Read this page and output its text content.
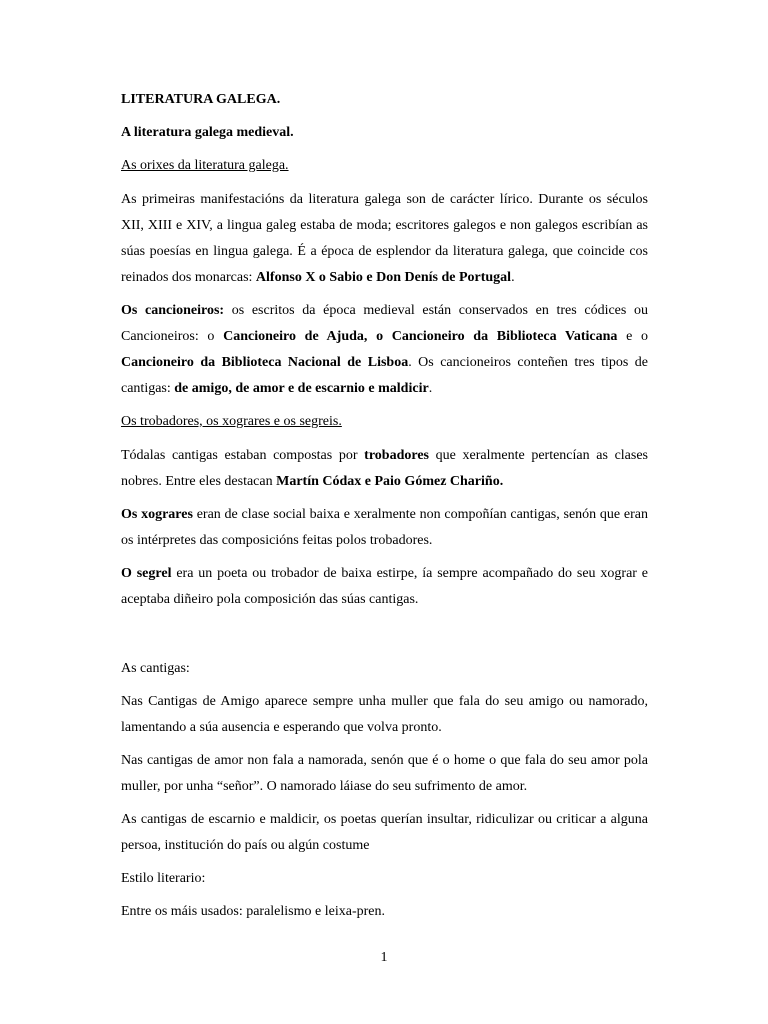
LITERATURA GALEGA.

A literatura galega medieval.

As orixes da literatura galega.

As primeiras manifestacións da literatura galega son de carácter lírico. Durante os séculos XII, XIII e XIV, a lingua galeg estaba de moda; escritores galegos e non galegos escribían as súas poesías en lingua galega. É a época de esplendor da literatura galega, que coincide cos reinados dos monarcas: Alfonso X o Sabio e Don Denís de Portugal.

Os cancioneiros: os escritos da época medieval están conservados en tres códices ou Cancioneiros: o Cancioneiro de Ajuda, o Cancioneiro da Biblioteca Vaticana e o Cancioneiro da Biblioteca Nacional de Lisboa. Os cancioneiros conteñen tres tipos de cantigas: de amigo, de amor e de escarnio e maldicir.

Os trobadores, os xograres e os segreis.

Tódalas cantigas estaban compostas por trobadores que xeralmente pertencían as clases nobres. Entre eles destacan Martín Códax e Paio Gómez Chariño.

Os xograres eran de clase social baixa e xeralmente non compoñían cantigas, senón que eran os intérpretes das composicións feitas polos trobadores.

O segrel era un poeta ou trobador de baixa estirpe, ía sempre acompañado do seu xograr e aceptaba diñeiro pola composición das súas cantigas.

As cantigas:

Nas Cantigas de Amigo aparece sempre unha muller que fala do seu amigo ou namorado, lamentando a súa ausencia e esperando que volva pronto.

Nas cantigas de amor non fala a namorada, senón que é o home o que fala do seu amor pola muller, por unha “señor”. O namorado láiase do seu sufrimento de amor.

As cantigas de escarnio e maldicir, os poetas querían insultar, ridiculizar ou criticar a alguna persoa, institución do país ou algún costume

Estilo literario:

Entre os máis usados: paralelismo e leixa-pren.

1
